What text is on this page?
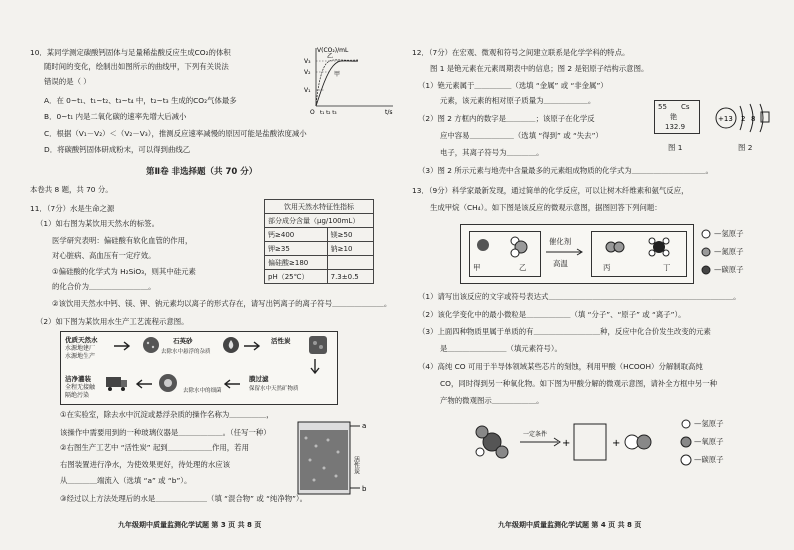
10．某同学测定碳酸钙固体与足量稀盐酸反应生成CO₂的体积
随时间的变化，绘制出如图所示的曲线甲，下列有关说法
错误的是（ ）
A．在 0~t₁、t₁~t₂、t₃~t₄ 中，t₂~t₃ 生成的CO₂气体最多
B．0~t₁ 内是二氧化碳的速率先增大后减小
C．根据（V₁－V₂）＜（V₂－V₃），推测反应速率减慢的原因可能是盐酸浓度减小
D．将碳酸钙固体研成粉末，可以得到曲线乙
V(CO₂)/mL
t/s
V₃
V₂
V₁
O t₁ t₂ t₃
甲
乙
第Ⅱ卷 非选择题（共 70 分）
本卷共 8 题，共 70 分。
11．（7分）水是生命之源
（1）如右图为某饮用天然水的标签。
医学研究表明：偏硅酸有软化血管的作用，
对心脏病、高血压有一定疗效。
①偏硅酸的化学式为 H₂SiO₃，则其中硅元素
的化合价为＿＿＿＿＿＿＿＿。
②该饮用天然水中钙、镁、钾、钠元素均以离子的形式存在，请写出钙离子的离子符号＿＿＿＿＿＿＿。
（2）如下图为某饮用水生产工艺流程示意图。
饮用天然水特征性指标	
部分成分含量（μg/100mL）	
钙≥400	镁≥50
钾≥35	钠≥10
偏硅酸≥180	
pH（25℃）	7.3±0.5
优质天然水
水源地建厂
水源地生产
石英砂
去除水中悬浮的杂质
活性炭
洁净灌装
全程无接触
隔绝污染
去除水中的细菌
膜过滤
保留水中天然矿物质
①在实验室，除去水中沉淀或悬浮杂质的操作名称为＿＿＿＿＿，
该操作中需要用到的一种玻璃仪器是＿＿＿＿＿＿。（任写一种）
②右图生产工艺中 “活性炭” 起到＿＿＿＿＿＿作用，若用
右图装置进行净水，为使效果更好，待处理的水应该
从＿＿＿＿端流入（选填 “a” 或 “b”）。
③经过以上方法处理后的水是＿＿＿＿＿＿＿（填 “混合物” 或 “纯净物”）。
a
b
活性炭
九年级期中质量监测化学试题 第 3 页 共 8 页
12．（7分）在宏观、微观和符号之间建立联系是化学学科的特点。
图 1 是铯元素在元素周期表中的信息；图 2 是铝原子结构示意图。
（1）铯元素属于＿＿＿＿＿（选填 “金属” 或 “非金属”）
元素，该元素的相对原子质量为＿＿＿＿＿＿。
（2）图 2 方框内的数字是＿＿＿＿；该原子在化学反
应中容易＿＿＿＿＿＿（选填 “得到” 或 “失去”）
电子，其离子符号为＿＿＿＿。
（3）图 2 所示元素与地壳中含量最多的元素组成物质的化学式为＿＿＿＿＿＿＿＿＿＿。
55 Cs
铯
132.9
图 1
+13 2 8
图 2
13．（9分）科学家最新发现，通过简单的化学反应，可以让树木纤维素和氨气反应，
生成甲烷（CH₄）。如下图是该反应的微观示意图，据图回答下列问题：
甲	乙
催化剂
高温	丙	丁
—氢原子
—氮原子
—碳原子
（1）请写出该反应的文字或符号表达式＿＿＿＿＿＿＿＿＿＿＿＿＿＿＿＿＿＿＿＿＿＿＿＿＿。
（2）该化学变化中的最小微粒是＿＿＿＿＿＿（填 “分子”、“原子” 或 “离子”）。
（3）上面四种物质里属于单质的有＿＿＿＿＿＿＿＿＿种，反应中化合价发生改变的元素
是＿＿＿＿＿＿＿＿（填元素符号）。
（4）高纯 CO 可用于半导体领域某些芯片的刻蚀，利用甲酸（HCOOH）分解制取高纯
CO，同时得到另一种氧化物。如下图为甲酸分解的微观示意图，请补全方框中另一种
产物的微观图示＿＿＿＿＿＿。
一定条件
+	+
—氢原子
—氧原子
—碳原子
九年级期中质量监测化学试题 第 4 页 共 8 页
